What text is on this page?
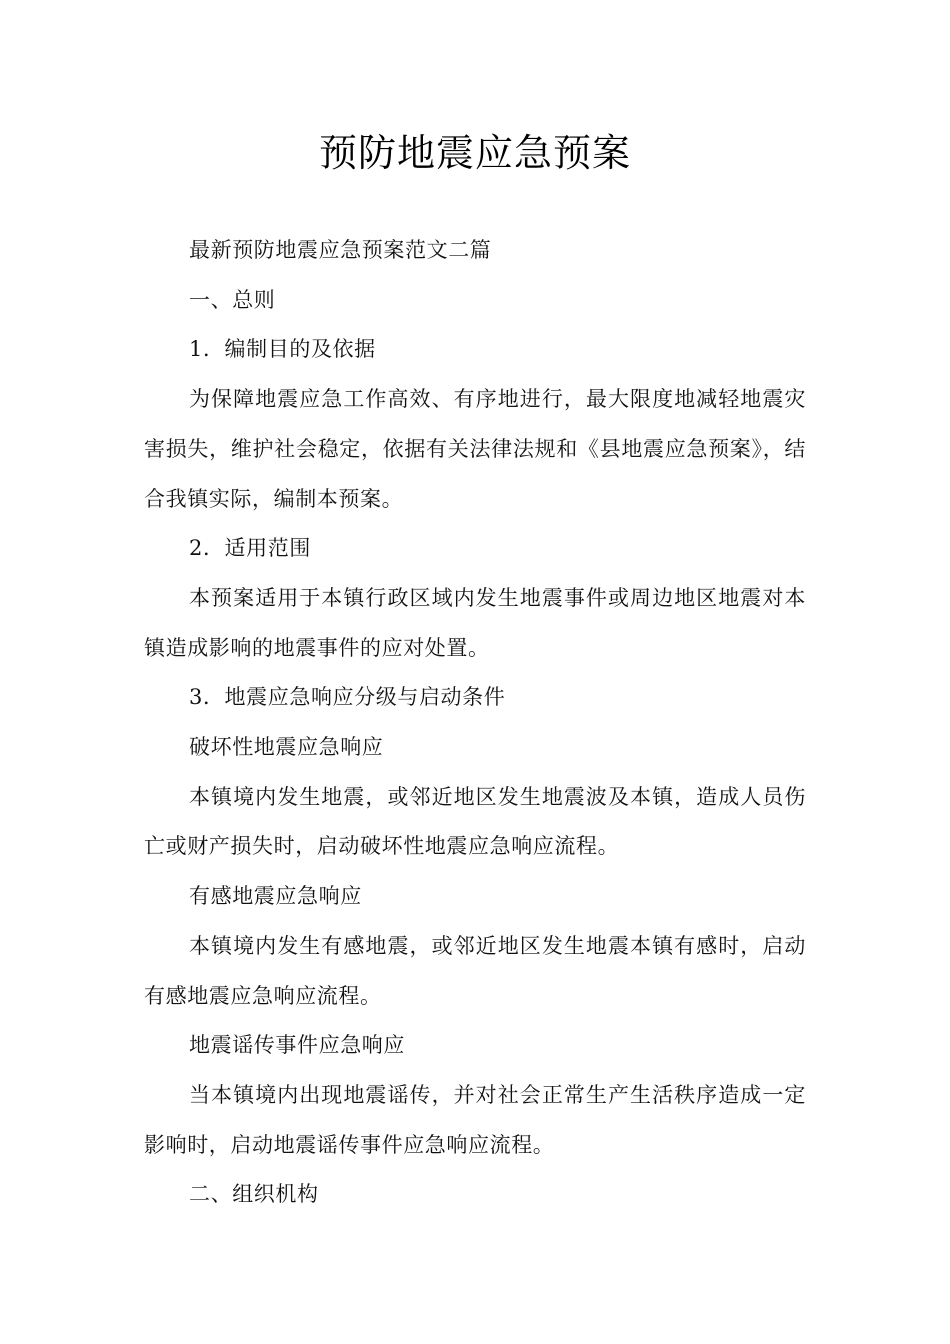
预防地震应急预案

最新预防地震应急预案范文二篇

一、总则

1．编制目的及依据

为保障地震应急工作高效、有序地进行，最大限度地减轻地震灾害损失，维护社会稳定，依据有关法律法规和《县地震应急预案》，结合我镇实际，编制本预案。

2．适用范围

本预案适用于本镇行政区域内发生地震事件或周边地区地震对本镇造成影响的地震事件的应对处置。

3．地震应急响应分级与启动条件

破坏性地震应急响应

本镇境内发生地震，或邻近地区发生地震波及本镇，造成人员伤亡或财产损失时，启动破坏性地震应急响应流程。

有感地震应急响应

本镇境内发生有感地震，或邻近地区发生地震本镇有感时，启动有感地震应急响应流程。

地震谣传事件应急响应

当本镇境内出现地震谣传，并对社会正常生产生活秩序造成一定影响时，启动地震谣传事件应急响应流程。

二、组织机构
